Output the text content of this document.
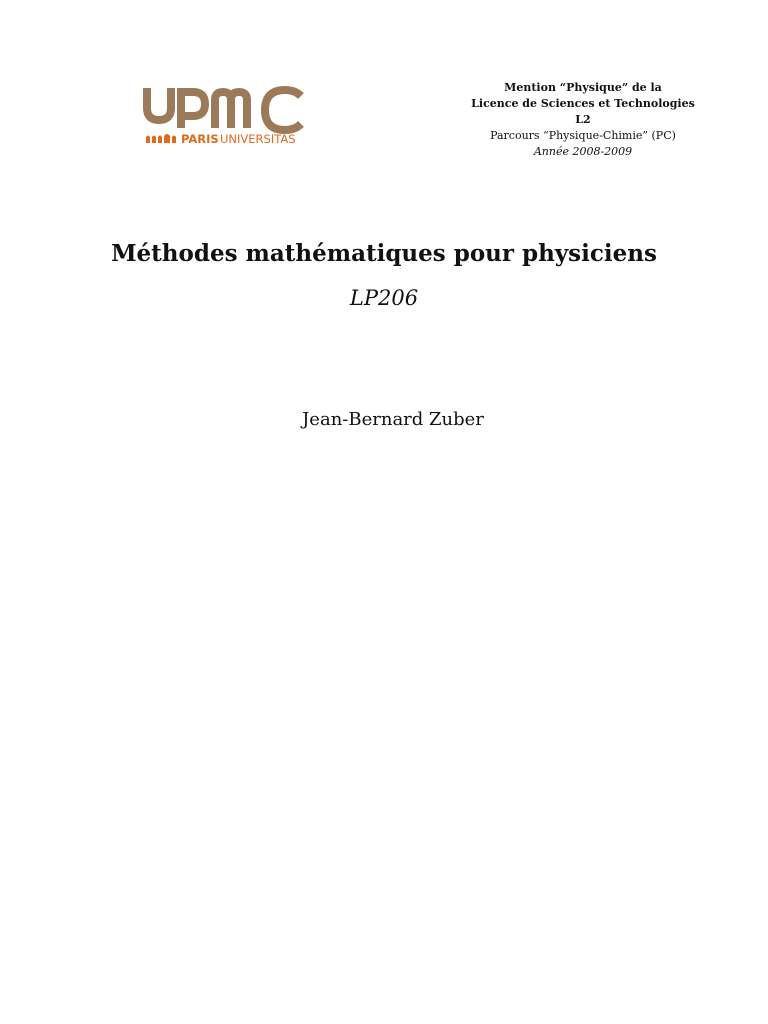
PARIS UNIVERSITAS
Mention “Physique” de la
Licence de Sciences et Technologies
L2
Parcours “Physique-Chimie” (PC)
Année 2008-2009
Méthodes mathématiques pour physiciens
LP206
Jean-Bernard Zuber
